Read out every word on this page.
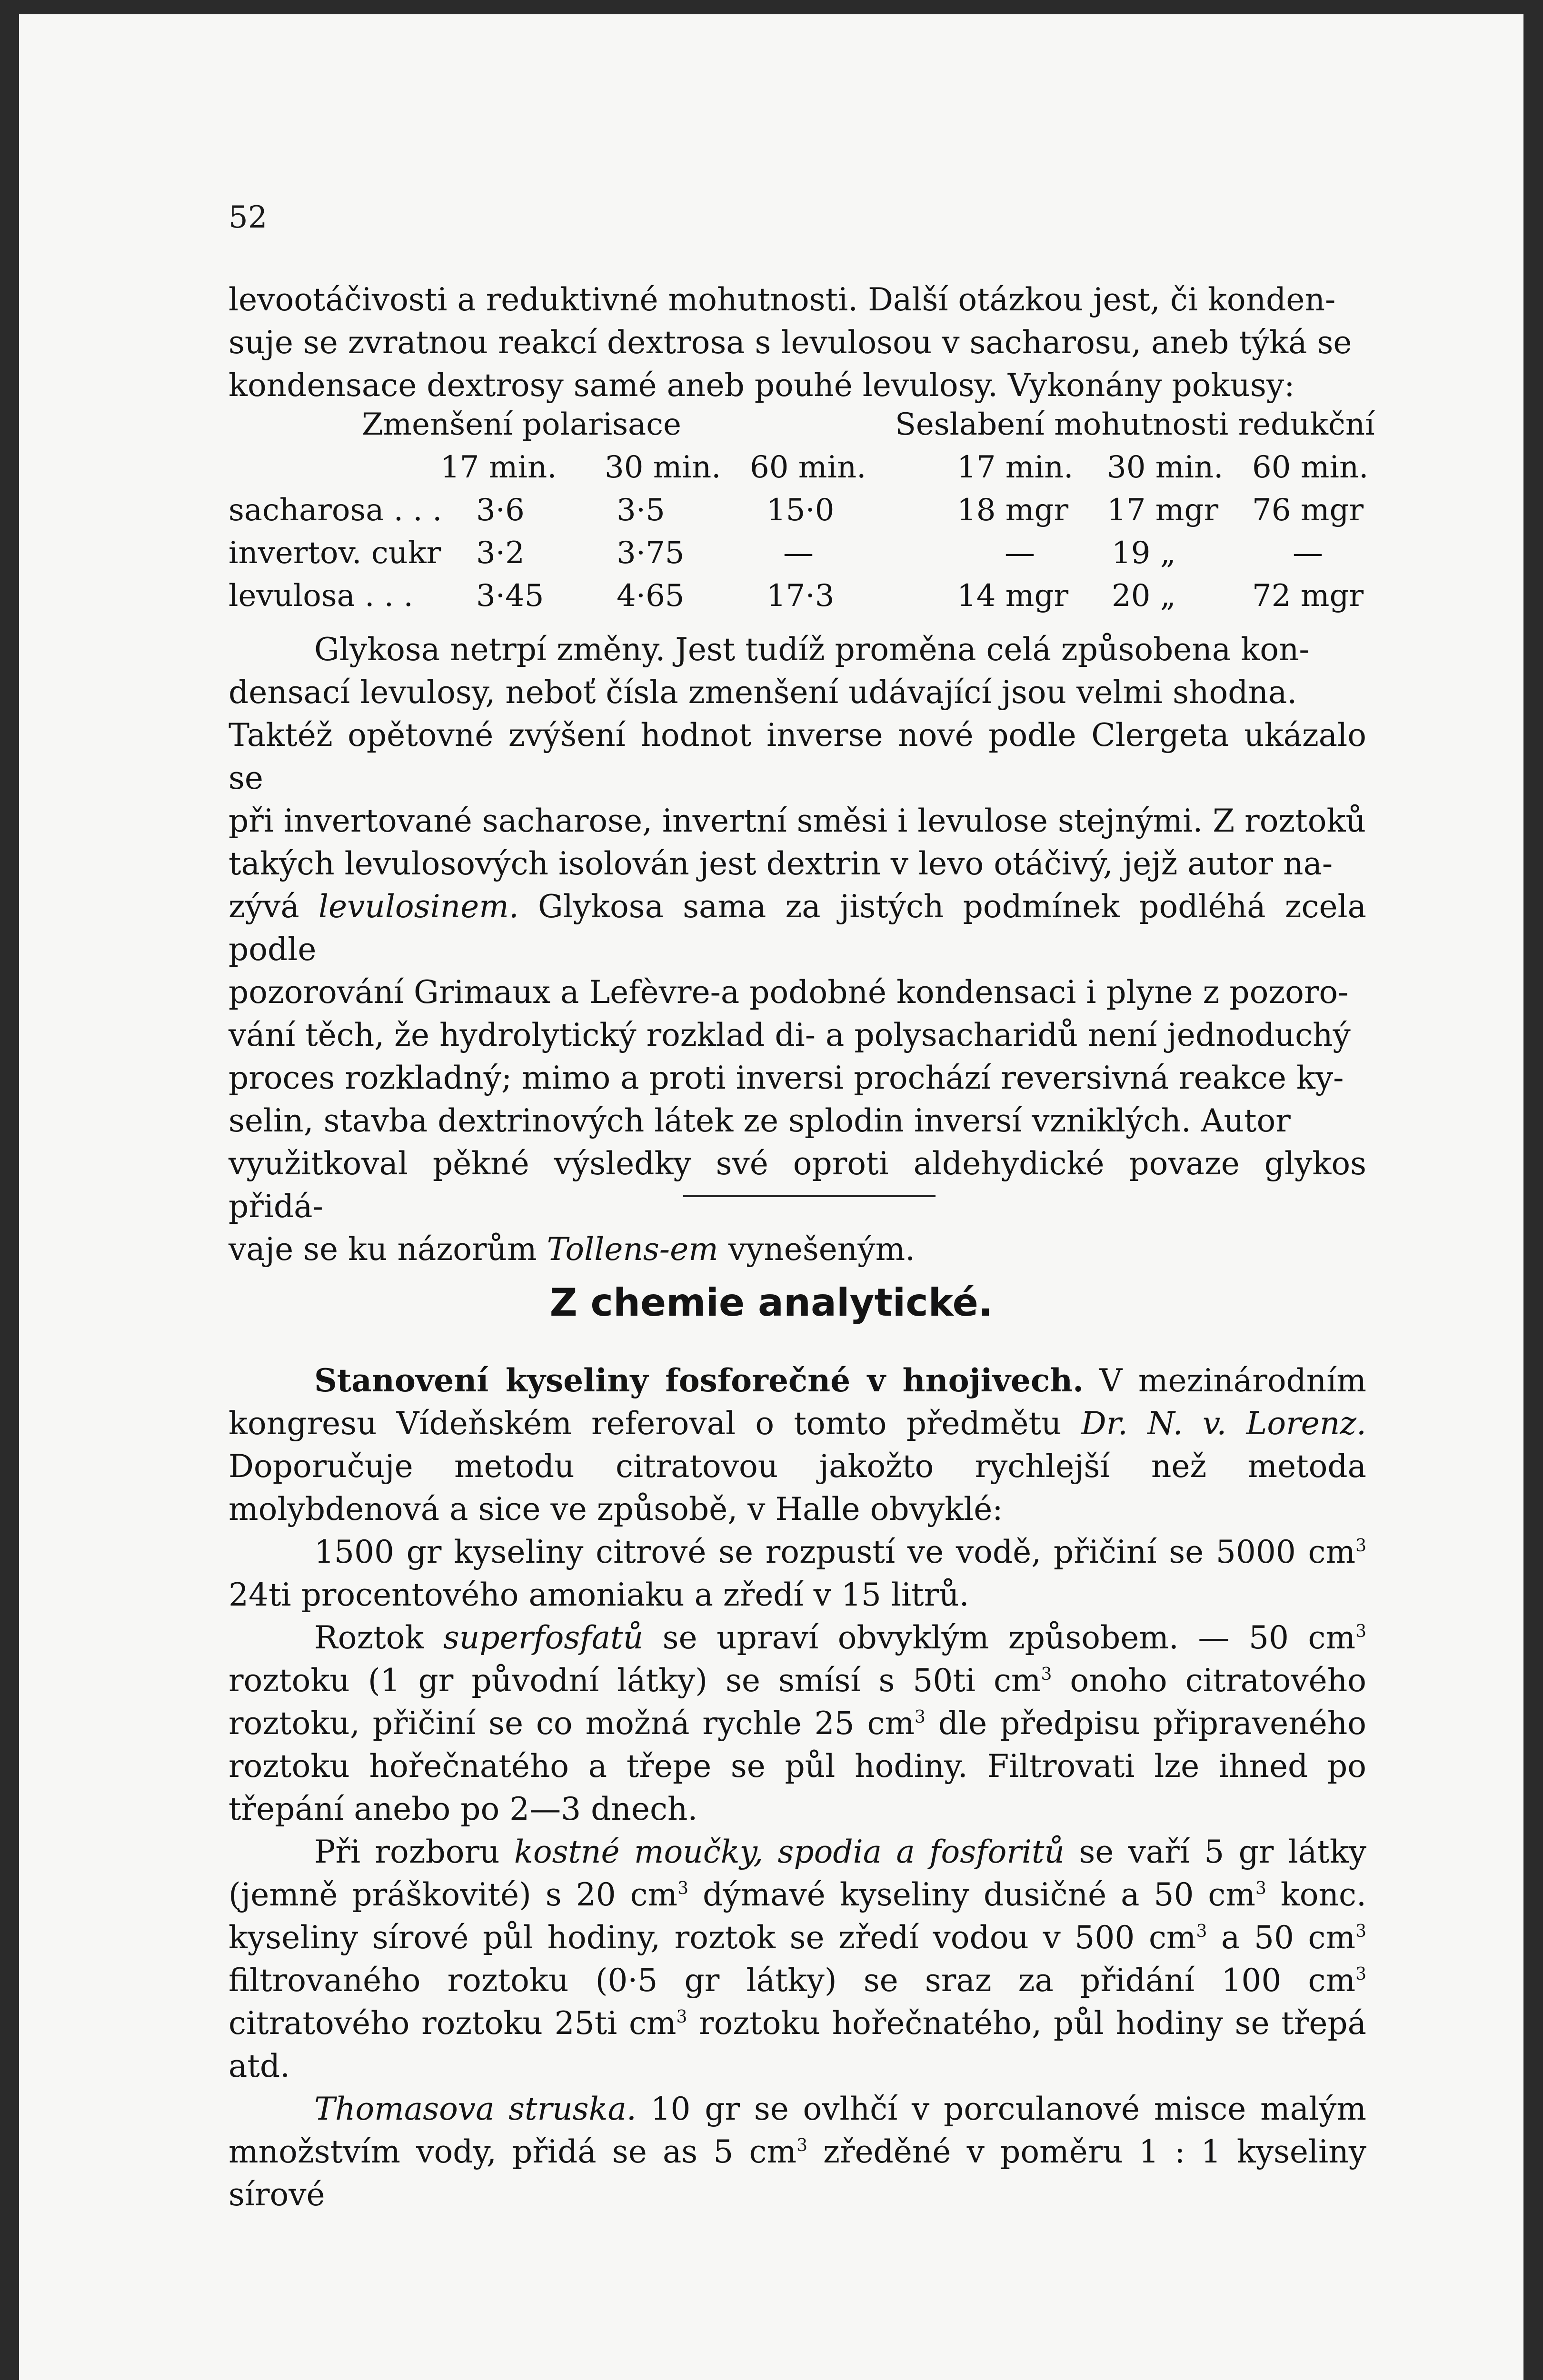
52

levootáčivosti a reduktivné mohutnosti. Další otázkou jest, či konden-

suje se zvratnou reakcí dextrosa s levulosou v sacharosu, aneb týká se

kondensace dextrosy samé aneb pouhé levulosy. Vykonány pokusy:

Zmenšení polarisace	Seslabení mohutnosti redukční
17 min. 30 min. 60 min.	17 min. 30 min. 60 min.
sacharosa . . . 3·6	3·5	15·0	18 mgr 17 mgr 76 mgr
invertov. cukr 3·2	3·75	—	—	19 „	—
levulosa . . . 3·45 4·65	17·3	14 mgr 20 „	72 mgr

Glykosa netrpí změny. Jest tudíž proměna celá způsobena kon-

densací levulosy, neboť čísla zmenšení udávající jsou velmi shodna.

Taktéž opětovné zvýšení hodnot inverse nové podle Clergeta ukázalo se

při invertované sacharose, invertní směsi i levulose stejnými. Z roztoků

takých levulosových isolován jest dextrin v levo otáčivý, jejž autor na-

zývá levulosinem. Glykosa sama za jistých podmínek podléhá zcela podle

pozorování Grimaux a Lefèvre-a podobné kondensaci i plyne z pozoro-

vání těch, že hydrolytický rozklad di- a polysacharidů není jednoduchý

proces rozkladný; mimo a proti inversi prochází reversivná reakce ky-

selin, stavba dextrinových látek ze splodin inversí vzniklých. Autor

využitkoval pěkné výsledky své oproti aldehydické povaze glykos přidá-

vaje se ku názorům Tollens-em vynešeným.

Z chemie analytické.

Stanovení kyseliny fosforečné v hnojivech. V mezinárodním kongresu Vídeňském referoval o tomto předmětu Dr. N. v. Lorenz. Doporučuje metodu citratovou jakožto rychlejší než metoda molybdenová a sice ve způsobě, v Halle obvyklé:

1500 gr kyseliny citrové se rozpustí ve vodě, přičiní se 5000 $cm^3$ 24ti procentového amoniaku a zředí v 15 litrů.

Roztok superfosfatů se upraví obvyklým způsobem. — 50 $cm^3$ roztoku (1 gr původní látky) se smísí s 50ti $cm^3$ onoho citratového roztoku, přičiní se co možná rychle 25 $cm^3$ dle předpisu připraveného roztoku hořečnatého a třepe se půl hodiny. Filtrovati lze ihned po třepání anebo po 2—3 dnech.

Při rozboru kostné moučky, spodia a fosforitů se vaří 5 gr látky (jemně práškovité) s 20 $cm^3$ dýmavé kyseliny dusičné a 50 $cm^3$ konc. kyseliny sírové půl hodiny, roztok se zředí vodou v 500 $cm^3$ a 50 $cm^3$ filtrovaného roztoku (0·5 gr látky) se sraz za přidání 100 $cm^3$ citratového roztoku 25ti $cm^3$ roztoku hořečnatého, půl hodiny se třepá atd.

Thomasova struska. 10 gr se ovlhčí v porculanové misce malým množstvím vody, přidá se as 5 $cm^3$ zředěné v poměru 1 : 1 kyseliny sírové
